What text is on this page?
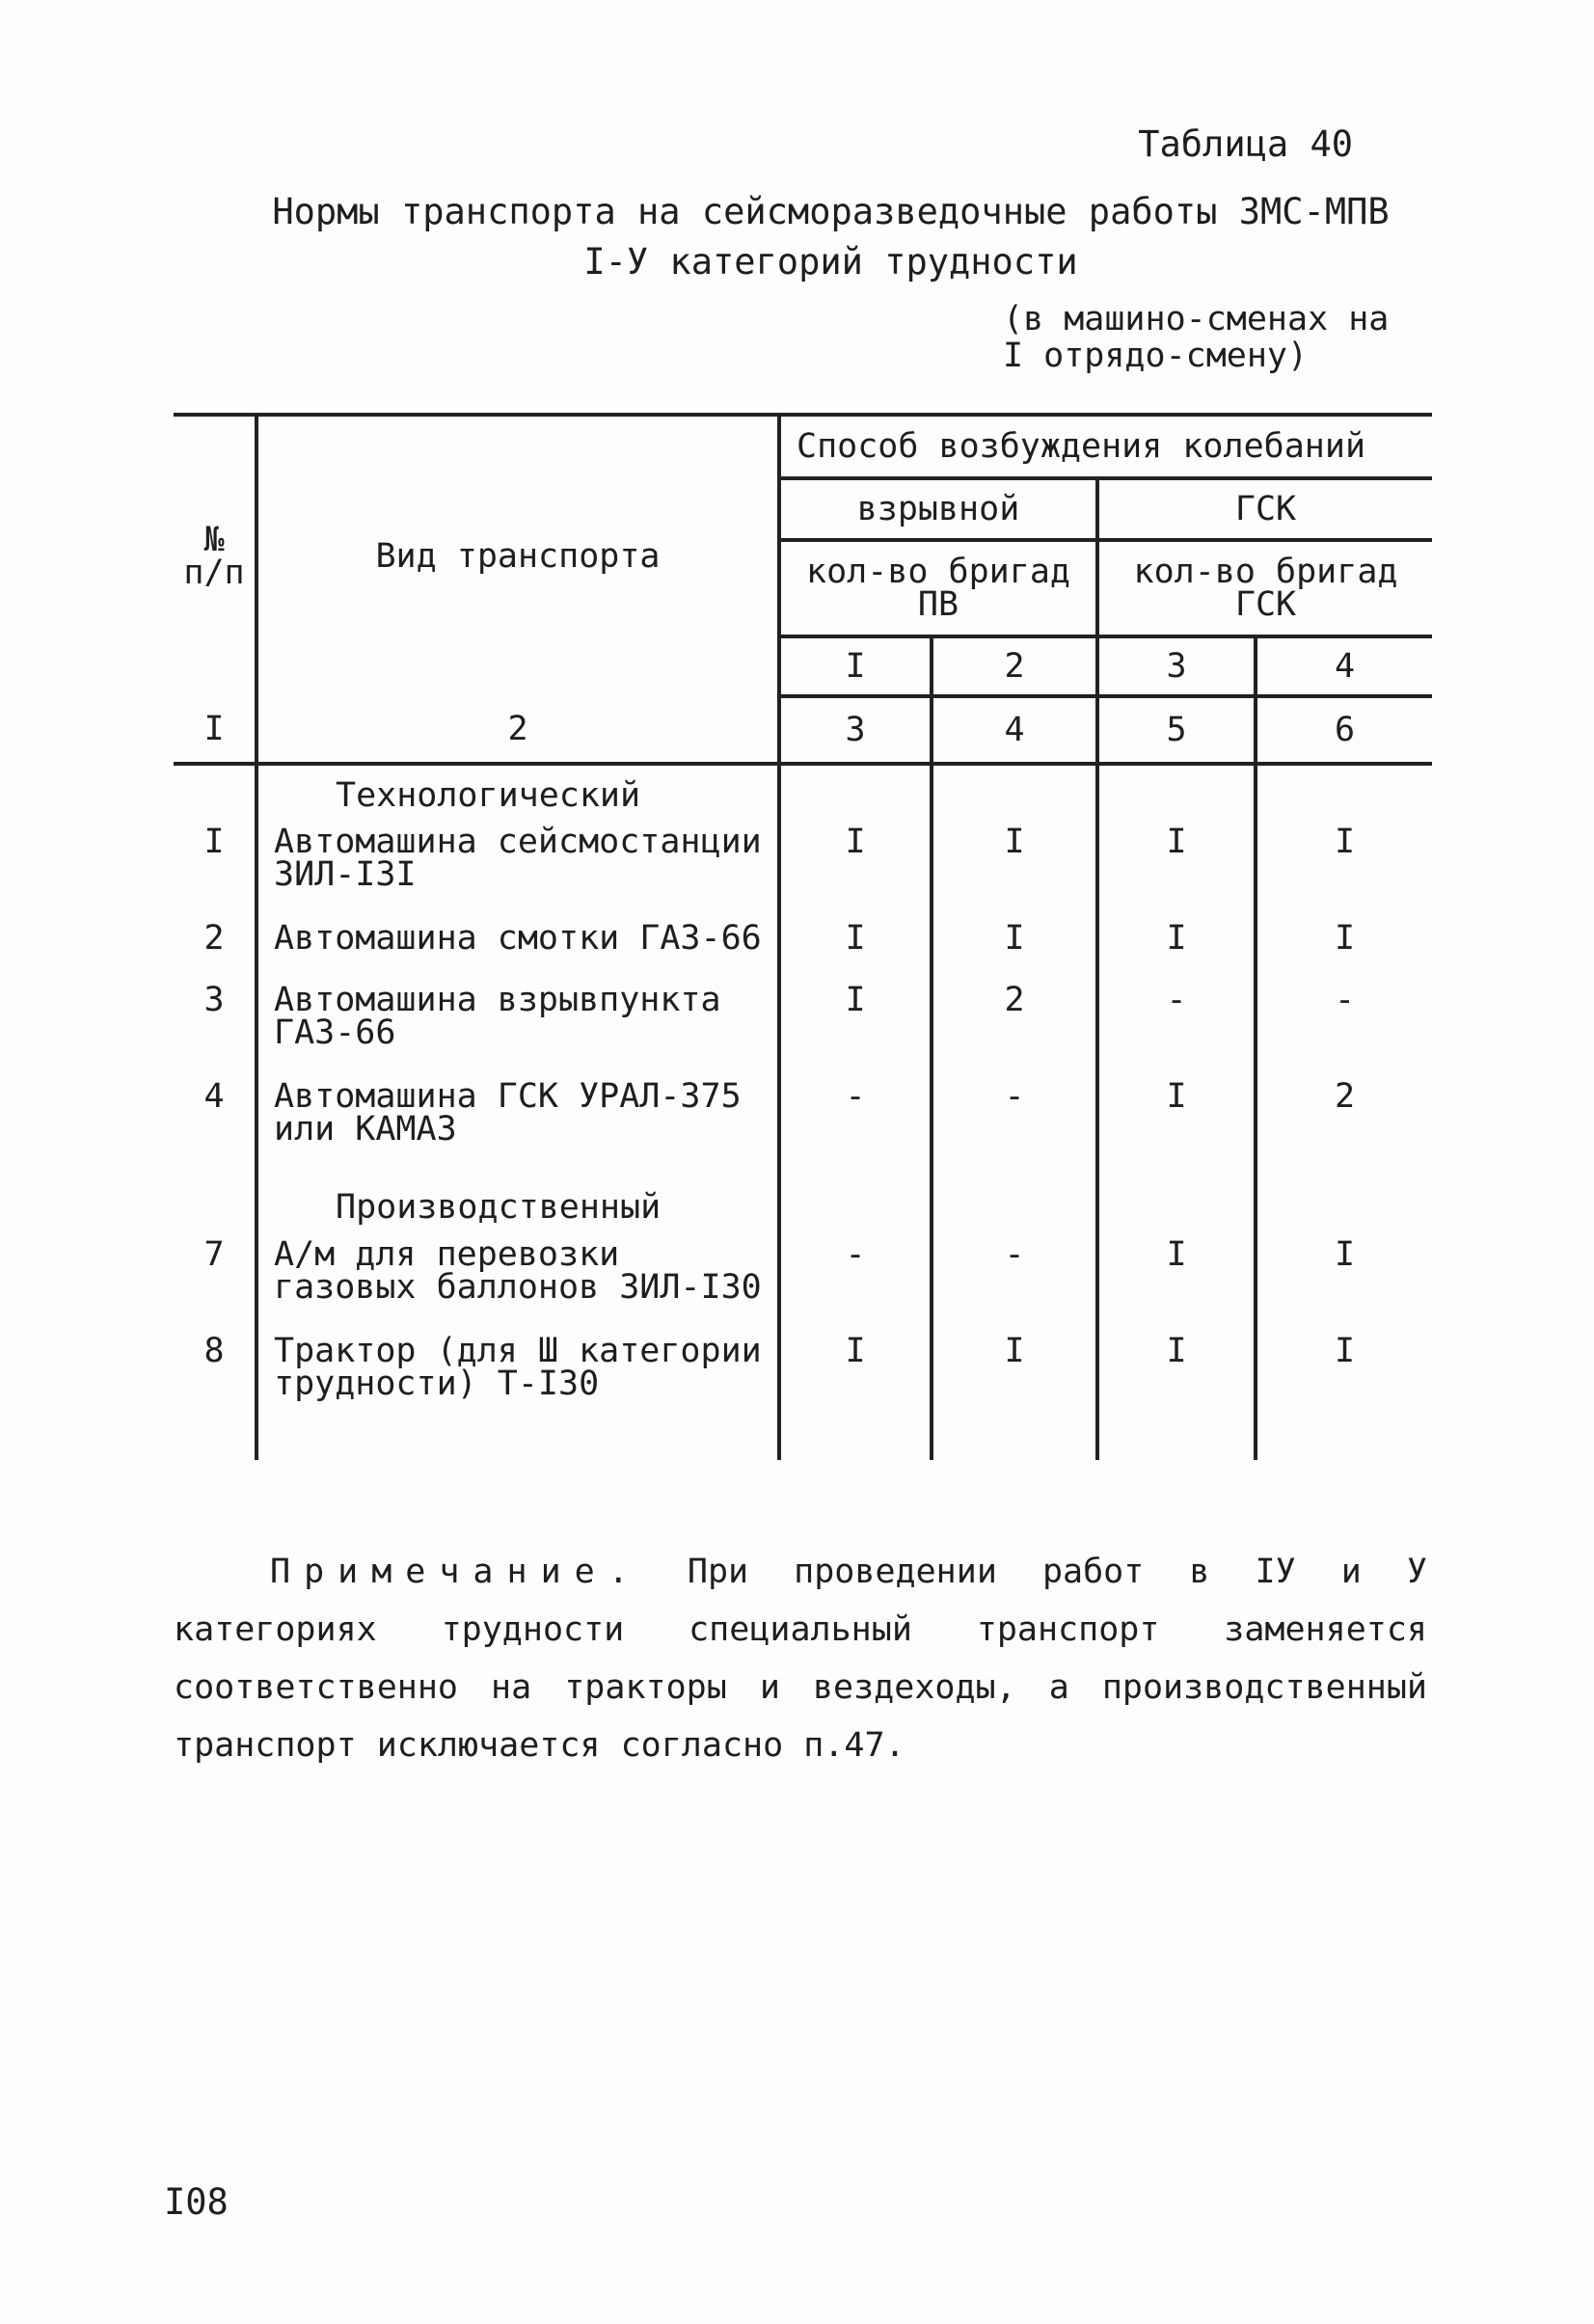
Таблица 40
Нормы транспорта на сейсморазведочные работы ЗМС-МПВ
I-У категорий трудности
(в машино-сменах на
I отрядо-смену)
№ п/п	Вид транспорта	Способ возбуждения колебаний			
		взрывной		ГСК	
		кол-во бригад ПВ		кол-во бригад ГСК	
		I	2	3	4
I	2	3	4	5	6
	Технологический				
I	Автомашина сейсмостанции ЗИЛ-I3I	I	I	I	I
2	Автомашина смотки ГАЗ-66	I	I	I	I
3	Автомашина взрывпункта ГАЗ-66	I	2	-	-
4	Автомашина ГСК УРАЛ-375 или КАМАЗ	-	-	I	2
	Производственный				
7	А/м для перевозки газовых баллонов ЗИЛ-I30	-	-	I	I
8	Трактор (для Ш категории трудности) Т-I30	I	I	I	I
Примечание. При проведении работ в IУ и У категориях трудности специальный транспорт заменяется соответственно на тракторы и вездеходы, а производственный транспорт исключается согласно п.47.
I08
